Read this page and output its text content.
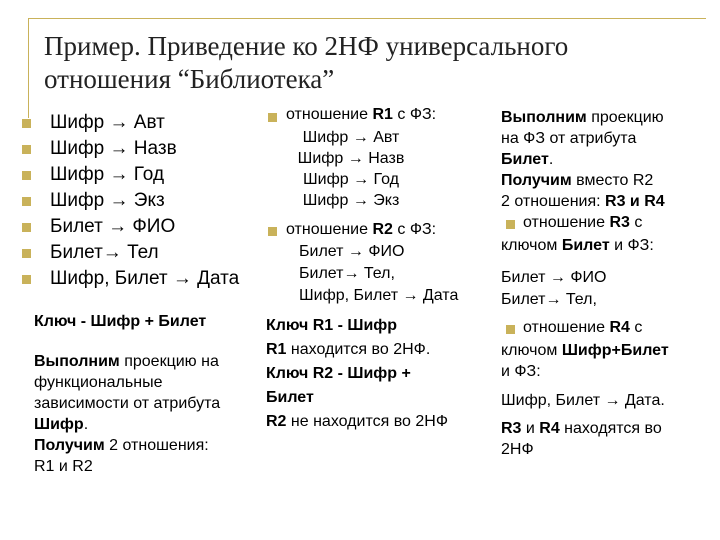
Пример. Приведение ко 2НФ универсального
отношения “Библиотека”
Шифр → Авт
Шифр → Назв
Шифр → Год
Шифр → Экз
Билет → ФИО
Билет→ Тел
Шифр, Билет → Дата
Ключ - Шифр + Билет
Выполним проекцию на
функциональные
зависимости от атрибута
Шифр.
Получим 2 отношения:
R1 и R2
отношение R1 с ФЗ:
Шифр → Авт
Шифр → Назв
Шифр → Год
Шифр → Экз
отношение R2 с ФЗ:
Билет → ФИО
Билет→ Тел,
Шифр, Билет → Дата
Ключ R1 - Шифр
R1 находится во 2НФ.
Ключ R2 - Шифр +
Билет
R2 не находится во 2НФ
Выполним проекцию
на ФЗ от атрибута
Билет.
Получим вместо R2
2 отношения: R3 и R4
отношение R3 с
ключом Билет и ФЗ:
Билет → ФИО
Билет→ Тел,
отношение R4 с
ключом Шифр+Билет
и ФЗ:
Шифр, Билет → Дата.
R3 и R4 находятся во
2НФ
